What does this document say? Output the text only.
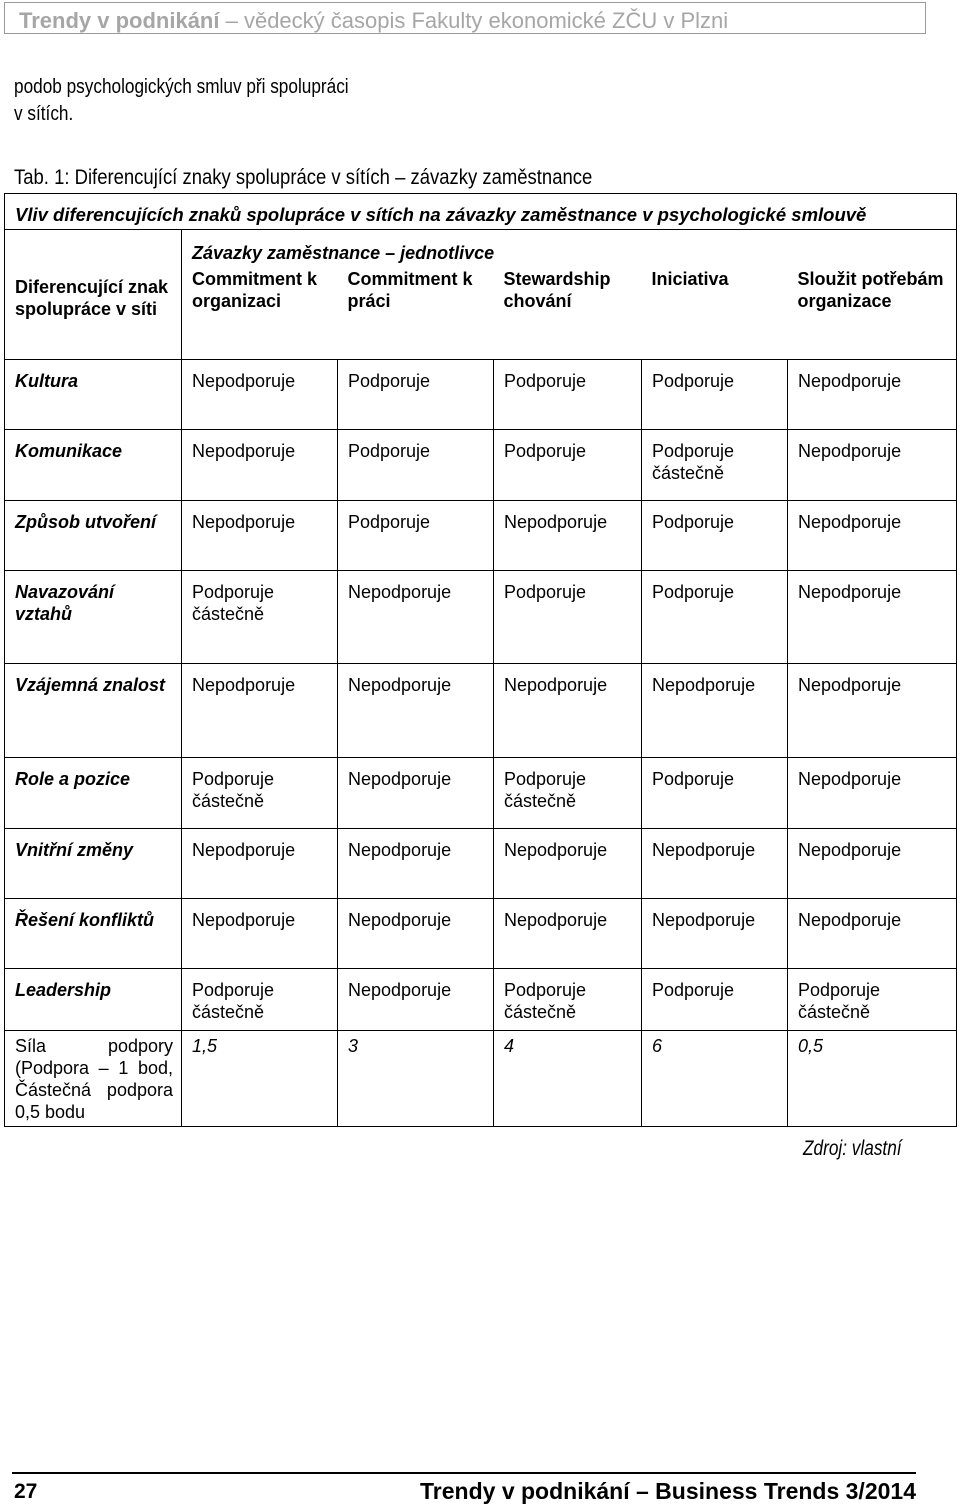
Trendy v podnikání – vědecký časopis Fakulty ekonomické ZČU v Plzni
podob psychologických smluv při spolupráci
v sítích.
Tab. 1: Diferencující znaky spolupráce v sítích – závazky zaměstnance
Vliv diferencujících znaků spolupráce v sítích na závazky zaměstnance v psychologické smlouvě					
Diferencující znak spolupráce v síti	Závazky zaměstnance – jednotlivce				
	Commitment k organizaci	Commitment k práci	Stewardship chování	Iniciativa	Sloužit potřebám organizace
Kultura	Nepodporuje	Podporuje	Podporuje	Podporuje	Nepodporuje
Komunikace	Nepodporuje	Podporuje	Podporuje	Podporuje částečně	Nepodporuje
Způsob utvoření	Nepodporuje	Podporuje	Nepodporuje	Podporuje	Nepodporuje
Navazování vztahů	Podporuje částečně	Nepodporuje	Podporuje	Podporuje	Nepodporuje
Vzájemná znalost	Nepodporuje	Nepodporuje	Nepodporuje	Nepodporuje	Nepodporuje
Role a pozice	Podporuje částečně	Nepodporuje	Podporuje částečně	Podporuje	Nepodporuje
Vnitřní změny	Nepodporuje	Nepodporuje	Nepodporuje	Nepodporuje	Nepodporuje
Řešení konfliktů	Nepodporuje	Nepodporuje	Nepodporuje	Nepodporuje	Nepodporuje
Leadership	Podporuje částečně	Nepodporuje	Podporuje částečně	Podporuje	Podporuje částečně
Síla podpory (Podpora – 1 bod, Částečná podpora 0,5 bodu	1,5	3	4	6	0,5
Zdroj: vlastní
27	Trendy v podnikání – Business Trends 3/2014
